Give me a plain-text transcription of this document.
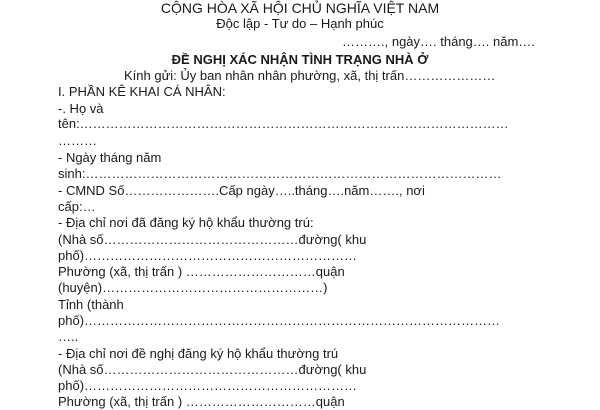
CỘNG HÒA XÃ HỘI CHỦ NGHĨA VIỆT NAM
Độc lập - Tư do – Hạnh phúc
………., ngày…. tháng…. năm….
ĐỀ NGHỊ XÁC NHẬN TÌNH TRẠNG NHÀ Ở
Kính gửi: Ủy ban nhân nhân phường, xã, thị trấn…………………
I. PHẦN KÊ KHAI CÁ NHÂN:
-. Họ và
tên:………………………………………………………………………………………
………
- Ngày tháng năm
sinh:……………………………………………………………………………………
- CMND Số………………….Cấp ngày…..tháng….năm……., nơi
cấp:…
- Địa chỉ nơi đã đăng ký hộ khẩu thường trú:
(Nhà số………………………………………đường( khu
phố)………………………………………………………
Phường (xã, thị trấn ) …………………………quận
(huyện)……………………………………………)
Tỉnh (thành
phố)……………………………………………………………………………………
…..
- Địa chỉ nơi đề nghị đăng ký hộ khẩu thường trú
(Nhà số………………………………………đường( khu
phố)………………………………………………………
Phường (xã, thị trấn ) …………………………quận
